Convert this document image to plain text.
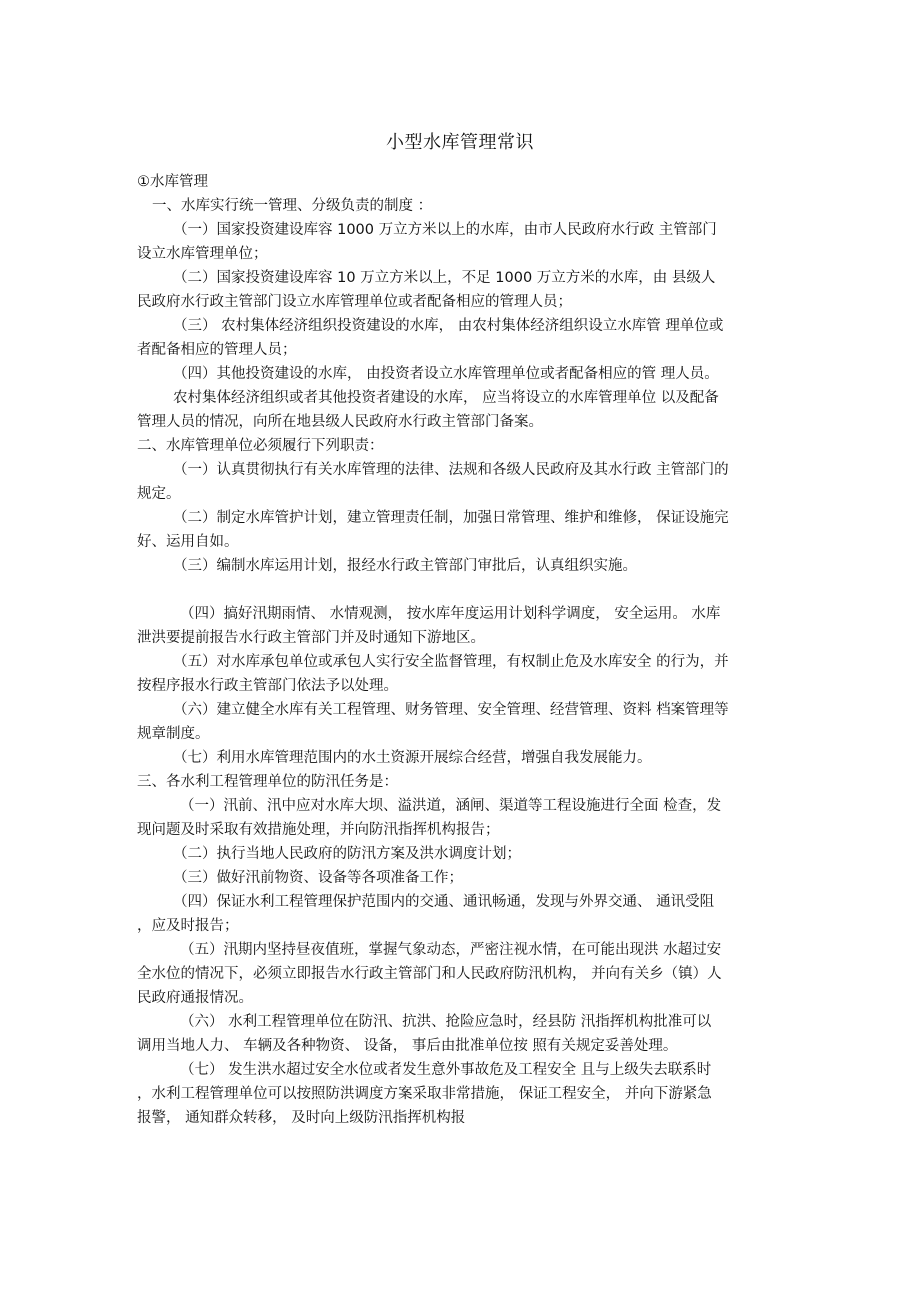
小型水库管理常识

①水库管理

一、水库实行统一管理、分级负责的制度 ：

（一）国家投资建设库容 1000 万立方米以上的水库，由市人民政府水行政 主管部门

设立水库管理单位；

（二）国家投资建设库容 10 万立方米以上，不足 1000 万立方米的水库，由 县级人

民政府水行政主管部门设立水库管理单位或者配备相应的管理人员；

（三） 农村集体经济组织投资建设的水库， 由农村集体经济组织设立水库管 理单位或

者配备相应的管理人员；

（四）其他投资建设的水库， 由投资者设立水库管理单位或者配备相应的管 理人员。

农村集体经济组织或者其他投资者建设的水库， 应当将设立的水库管理单位 以及配备

管理人员的情况，向所在地县级人民政府水行政主管部门备案。

二、水库管理单位必须履行下列职责：

（一）认真贯彻执行有关水库管理的法律、法规和各级人民政府及其水行政 主管部门的

规定。

（二）制定水库管护计划，建立管理责任制，加强日常管理、维护和维修， 保证设施完

好、运用自如。

（三）编制水库运用计划，报经水行政主管部门审批后，认真组织实施。

（四）搞好汛期雨情、 水情观测， 按水库年度运用计划科学调度， 安全运用。 水库

泄洪要提前报告水行政主管部门并及时通知下游地区。

（五）对水库承包单位或承包人实行安全监督管理，有权制止危及水库安全 的行为，并

按程序报水行政主管部门依法予以处理。

（六）建立健全水库有关工程管理、财务管理、安全管理、经营管理、资料 档案管理等

规章制度。

（七）利用水库管理范围内的水土资源开展综合经营，增强自我发展能力。

三、各水利工程管理单位的防汛任务是：

（一）汛前、汛中应对水库大坝、溢洪道，涵闸、渠道等工程设施进行全面 检查，发

现问题及时采取有效措施处理，并向防汛指挥机构报告；

（二）执行当地人民政府的防汛方案及洪水调度计划；

（三）做好汛前物资、设备等各项准备工作；

（四）保证水利工程管理保护范围内的交通、通讯畅通，发现与外界交通、 通讯受阻

，应及时报告；

（五）汛期内坚持昼夜值班，掌握气象动态，严密注视水情，在可能出现洪 水超过安

全水位的情况下，必须立即报告水行政主管部门和人民政府防汛机构， 并向有关乡（镇）人

民政府通报情况。

（六） 水利工程管理单位在防汛、抗洪、抢险应急时，经县防 汛指挥机构批准可以

调用当地人力、 车辆及各种物资、 设备， 事后由批准单位按 照有关规定妥善处理。

（七） 发生洪水超过安全水位或者发生意外事故危及工程安全 且与上级失去联系时

，水利工程管理单位可以按照防洪调度方案采取非常措施， 保证工程安全， 并向下游紧急

报警， 通知群众转移， 及时向上级防汛指挥机构报
